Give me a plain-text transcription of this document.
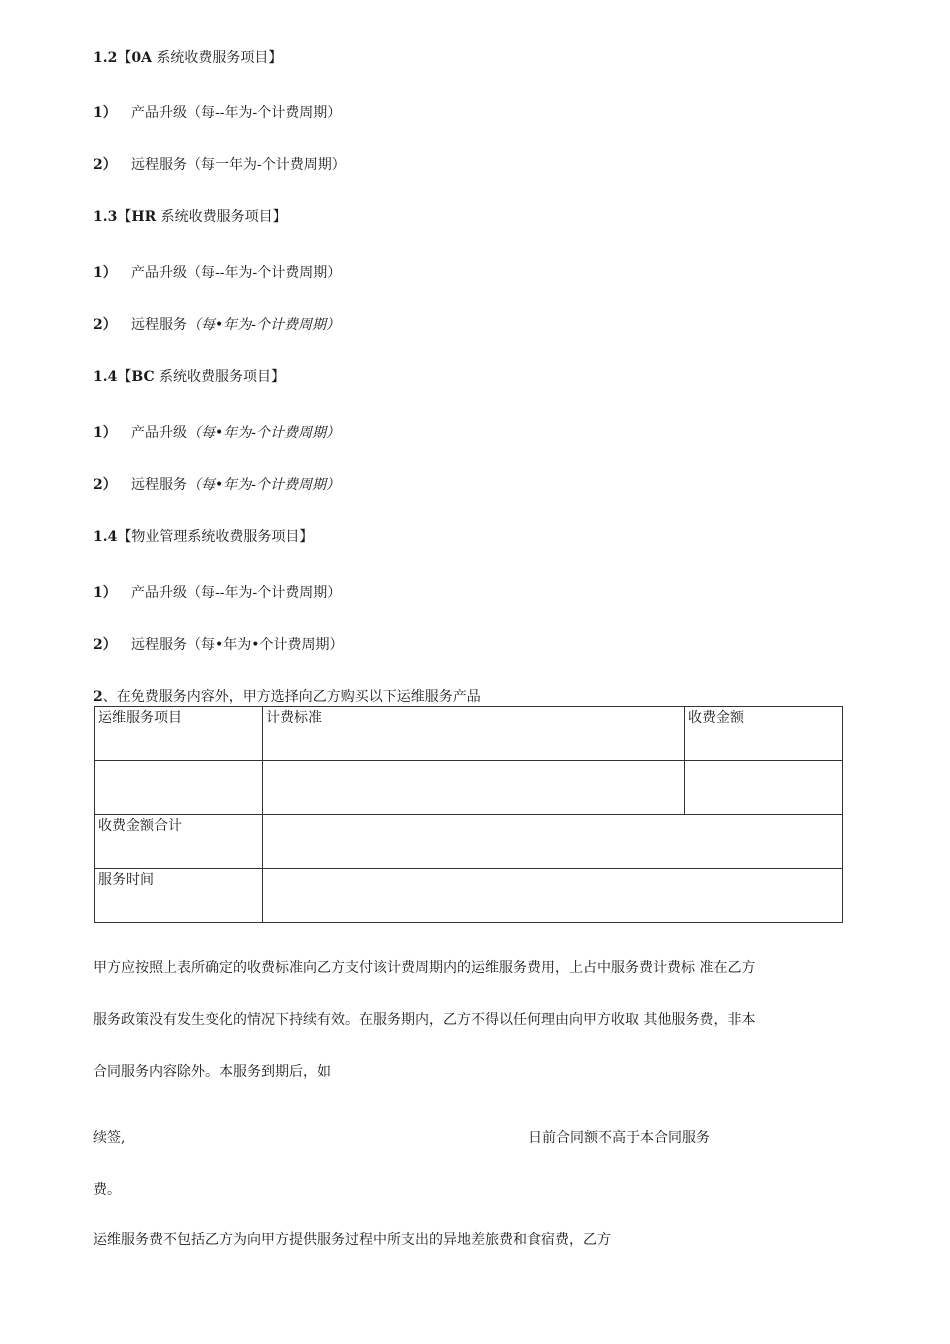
1.2【0A 系统收费服务项目】
1） 产品升级（每--年为-个计费周期）
2） 远程服务（每一年为-个计费周期）
1.3【HR 系统收费服务项目】
1） 产品升级（每--年为-个计费周期）
2） 远程服务（每•年为-个计费周期）
1.4【BC 系统收费服务项目】
1） 产品升级（每•年为-个计费周期）
2） 远程服务（每•年为-个计费周期）
1.4【物业管理系统收费服务项目】
1） 产品升级（每--年为-个计费周期）
2） 远程服务（每•年为•个计费周期）
2、在免费服务内容外，甲方选择向乙方购买以下运维服务产品
运维服务项目	计费标准	收费金额

收费金额合计		
服务时间		
甲方应按照上表所确定的收费标准向乙方支付该计费周期内的运维服务费用，上占中服务费计费标 准在乙方
服务政策没有发生变化的情况下持续有效。在服务期内，乙方不得以任何理由向甲方收取 其他服务费，非本
合同服务内容除外。本服务到期后，如
续签,	日前合同额不高于本合同服务
费。
运维服务费不包括乙方为向甲方提供服务过程中所支出的异地差旅费和食宿费，乙方
